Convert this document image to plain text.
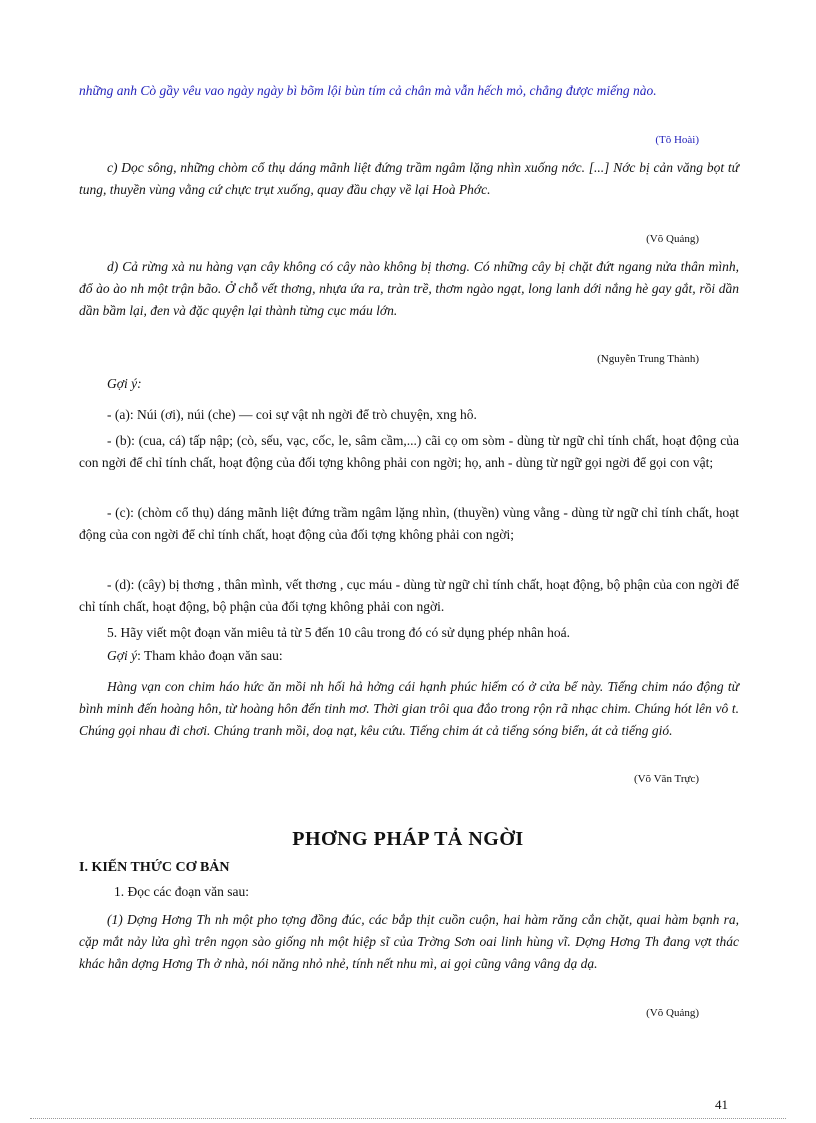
những anh Cò gầy vêu vao ngày ngày bì bõm lội bùn tím cả chân mà vẫn hếch mỏ, chẳng được miếng nào.
(Tô Hoài)
c) Dọc sông, những chòm cổ thụ dáng mãnh liệt đứng trầm ngâm lặng nhìn xuống nớc. [...] Nớc bị cản văng bọt tứ tung, thuyền vùng vằng cứ chực trụt xuống, quay đầu chạy về lại Hoà Phớc.
(Võ Quảng)
d) Cả rừng xà nu hàng vạn cây không có cây nào không bị thơng. Có những cây bị chặt đứt ngang nửa thân mình, đổ ào ào nh một trận bão. Ở chỗ vết thơng, nhựa ứa ra, tràn trề, thơm ngào ngạt, long lanh dới nắng hè gay gắt, rồi dần dần bầm lại, đen và đặc quyện lại thành từng cục máu lớn.
(Nguyễn Trung Thành)
Gợi ý:
- (a): Núi (ơi), núi (che) — coi sự vật nh ngời để trò chuyện, xng hô.
- (b): (cua, cá) tấp nập; (cò, sếu, vạc, cốc, le, sâm cầm,...) cãi cọ om sòm - dùng từ ngữ chỉ tính chất, hoạt động của con ngời để chỉ tính chất, hoạt động của đối tợng không phải con ngời; họ, anh - dùng từ ngữ gọi ngời để gọi con vật;
- (c): (chòm cổ thụ) dáng mãnh liệt đứng trầm ngâm lặng nhìn, (thuyền) vùng vằng - dùng từ ngữ chỉ tính chất, hoạt động của con ngời để chỉ tính chất, hoạt động của đối tợng không phải con ngời;
- (d): (cây) bị thơng , thân mình, vết thơng , cục máu - dùng từ ngữ chỉ tính chất, hoạt động, bộ phận của con ngời để chỉ tính chất, hoạt động, bộ phận của đối tợng không phải con ngời.
5. Hãy viết một đoạn văn miêu tả từ 5 đến 10 câu trong đó có sử dụng phép nhân hoá.
Gợi ý: Tham khảo đoạn văn sau:
Hàng vạn con chim háo hức ăn mồi nh hối hả hởng cái hạnh phúc hiếm có ở cửa bể này. Tiếng chim náo động từ bình minh đến hoàng hôn, từ hoàng hôn đến tinh mơ. Thời gian trôi qua đắo trong rộn rã nhạc chim. Chúng hót lên vô t. Chúng gọi nhau đi chơi. Chúng tranh mồi, doạ nạt, kêu cứu. Tiếng chim át cả tiếng sóng biển, át cả tiếng gió.
(Võ Văn Trực)
PHƠNG PHÁP TẢ NGỜI
I. KIẾN THỨC CƠ BẢN
1. Đọc các đoạn văn sau:
(1) Dợng Hơng Th nh một pho tợng đồng đúc, các bắp thịt cuồn cuộn, hai hàm răng cắn chặt, quai hàm bạnh ra, cặp mắt nảy lửa ghì trên ngọn sào giống nh một hiệp sĩ của Trờng Sơn oai linh hùng vĩ. Dợng Hơng Th đang vợt thác khác hẳn dợng Hơng Th ở nhà, nói năng nhỏ nhẻ, tính nết nhu mì, ai gọi cũng vâng vâng dạ dạ.
(Võ Quảng)
41
